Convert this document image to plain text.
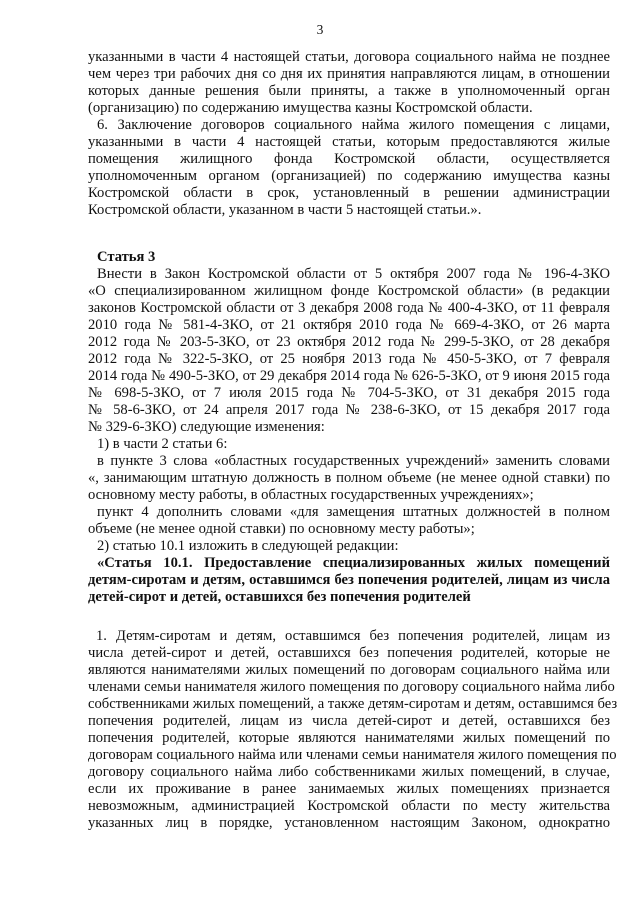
3
указанными в части 4 настоящей статьи, договора социального найма не позднее
чем через три рабочих дня со дня их принятия направляются лицам, в отношении
которых данные решения были приняты, а также в уполномоченный орган
(организацию) по содержанию имущества казны Костромской области.
6. Заключение договоров социального найма жилого помещения с лицами,
указанными в части 4 настоящей статьи, которым предоставляются жилые
помещения жилищного фонда Костромской области, осуществляется
уполномоченным органом (организацией) по содержанию имущества казны
Костромской области в срок, установленный в решении администрации
Костромской области, указанном в части 5 настоящей статьи.».
Статья 3
Внести в Закон Костромской области от 5 октября 2007 года № 196-4-ЗКО
«О специализированном жилищном фонде Костромской области» (в редакции
законов Костромской области от 3 декабря 2008 года № 400-4-ЗКО, от 11 февраля
2010 года № 581-4-ЗКО, от 21 октября 2010 года № 669-4-ЗКО, от 26 марта
2012 года № 203-5-ЗКО, от 23 октября 2012 года № 299-5-ЗКО, от 28 декабря
2012 года № 322-5-ЗКО, от 25 ноября 2013 года № 450-5-ЗКО, от 7 февраля
2014 года № 490-5-ЗКО, от 29 декабря 2014 года № 626-5-ЗКО, от 9 июня 2015 года
№ 698-5-ЗКО, от 7 июля 2015 года № 704-5-ЗКО, от 31 декабря 2015 года
№ 58-6-ЗКО, от 24 апреля 2017 года № 238-6-ЗКО, от 15 декабря 2017 года
№ 329-6-ЗКО) следующие изменения:
1) в части 2 статьи 6:
в пункте 3 слова «областных государственных учреждений» заменить словами
«, занимающим штатную должность в полном объеме (не менее одной ставки) по
основному месту работы, в областных государственных учреждениях»;
пункт 4 дополнить словами «для замещения штатных должностей в полном
объеме (не менее одной ставки) по основному месту работы»;
2) статью 10.1 изложить в следующей редакции:
«Статья 10.1. Предоставление специализированных жилых помещений
детям-сиротам и детям, оставшимся без попечения родителей, лицам из числа
детей-сирот и детей, оставшихся без попечения родителей
1. Детям-сиротам и детям, оставшимся без попечения родителей, лицам из
числа детей-сирот и детей, оставшихся без попечения родителей, которые не
являются нанимателями жилых помещений по договорам социального найма или
членами семьи нанимателя жилого помещения по договору социального найма либо
собственниками жилых помещений, а также детям-сиротам и детям, оставшимся без
попечения родителей, лицам из числа детей-сирот и детей, оставшихся без
попечения родителей, которые являются нанимателями жилых помещений по
договорам социального найма или членами семьи нанимателя жилого помещения по
договору социального найма либо собственниками жилых помещений, в случае,
если их проживание в ранее занимаемых жилых помещениях признается
невозможным, администрацией Костромской области по месту жительства
указанных лиц в порядке, установленном настоящим Законом, однократно
